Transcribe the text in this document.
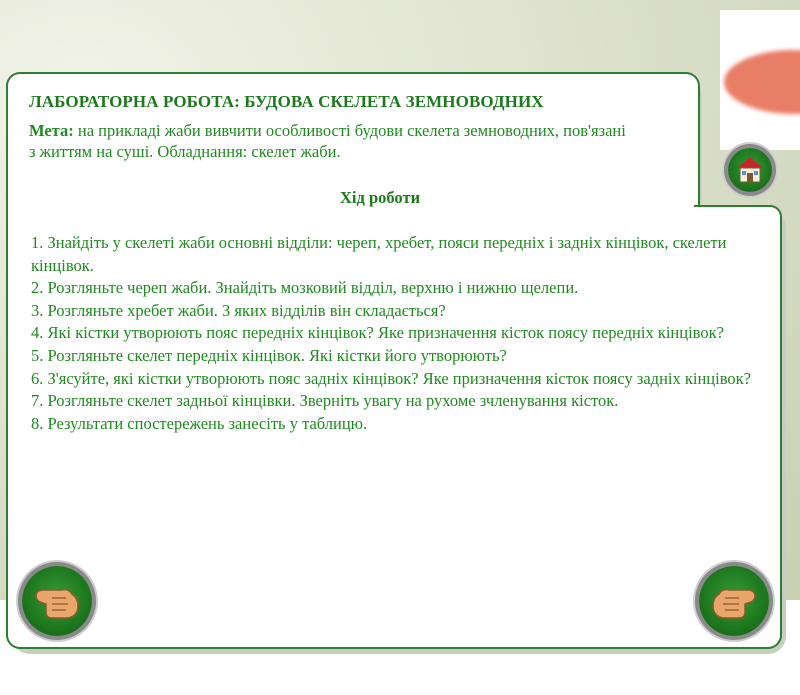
ЛАБОРАТОРНА РОБОТА: БУДОВА СКЕЛЕТА ЗЕМНОВОДНИХ
Мета: на прикладі жаби вивчити особливості будови скелета земноводних, пов'язані
з життям на суші. Обладнання: скелет жаби.
Хід роботи
1. Знайдіть у скелеті жаби основні відділи: череп, хребет, пояси передніх і задніх кінцівок, скелети кінцівок.
2. Розгляньте череп жаби. Знайдіть мозковий відділ, верхню і нижню щелепи.
3. Розгляньте хребет жаби. З яких відділів він складається?
4. Які кістки утворюють пояс передніх кінцівок? Яке призначення кісток поясу передніх кінцівок?
5. Розгляньте скелет передніх кінцівок. Які кістки його утворюють?
6. З'ясуйте, які кістки утворюють пояс задніх кінцівок? Яке призначення кісток поясу задніх кінцівок?
7. Розгляньте скелет задньої кінцівки. Зверніть увагу на рухоме зчленування кісток.
8. Результати спостережень занесіть у таблицю.
